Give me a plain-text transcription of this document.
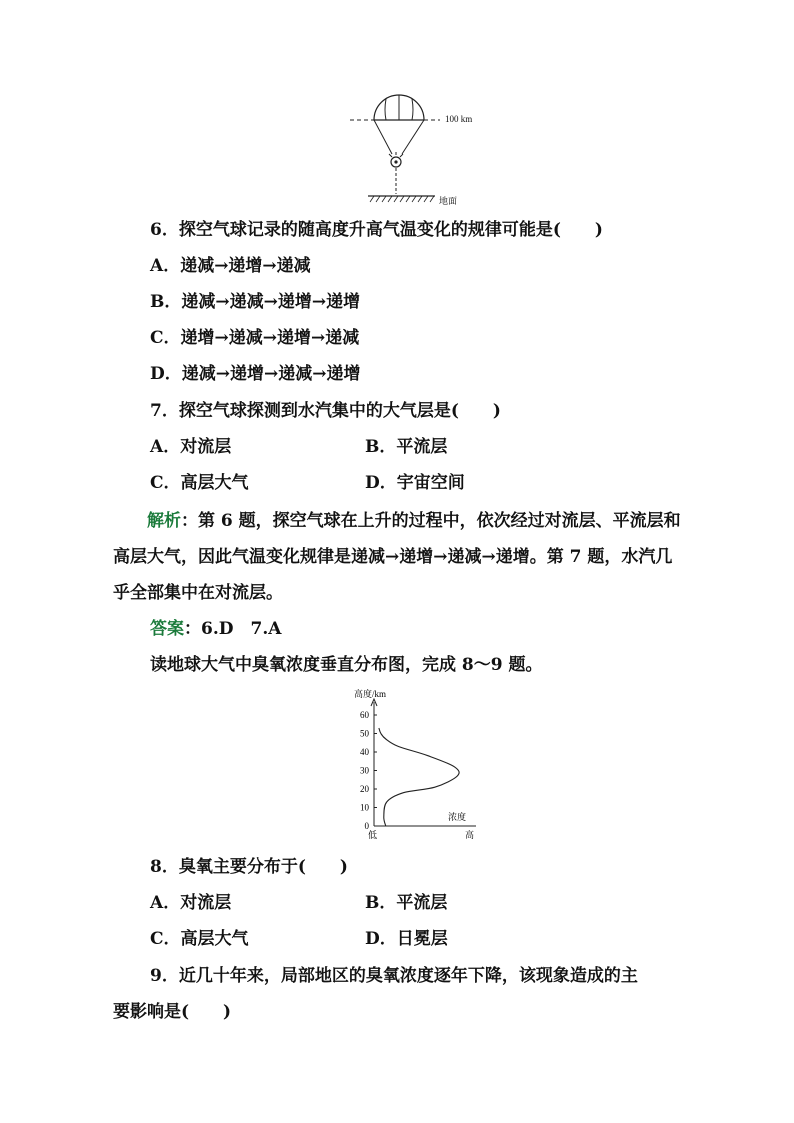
100 km
地面
6．探空气球记录的随高度升高气温变化的规律可能是(　　)
A．递减→递增→递减
B．递减→递减→递增→递增
C．递增→递减→递增→递减
D．递减→递增→递减→递增
7．探空气球探测到水汽集中的大气层是(　　)
A．对流层	B．平流层
C．高层大气	D．宇宙空间
解析：第 6 题，探空气球在上升的过程中，依次经过对流层、平流层和高层大气，因此气温变化规律是递减→递增→递减→递增。第 7 题，水汽几乎全部集中在对流层。
答案：6.D　7.A
读地球大气中臭氧浓度垂直分布图，完成 8～9 题。
高度/km
0
10
20
30
40
50
60
浓度
低	高
8．臭氧主要分布于(　　)
A．对流层	B．平流层
C．高层大气	D．日冕层
9．近几十年来，局部地区的臭氧浓度逐年下降，该现象造成的主
要影响是(　　)
